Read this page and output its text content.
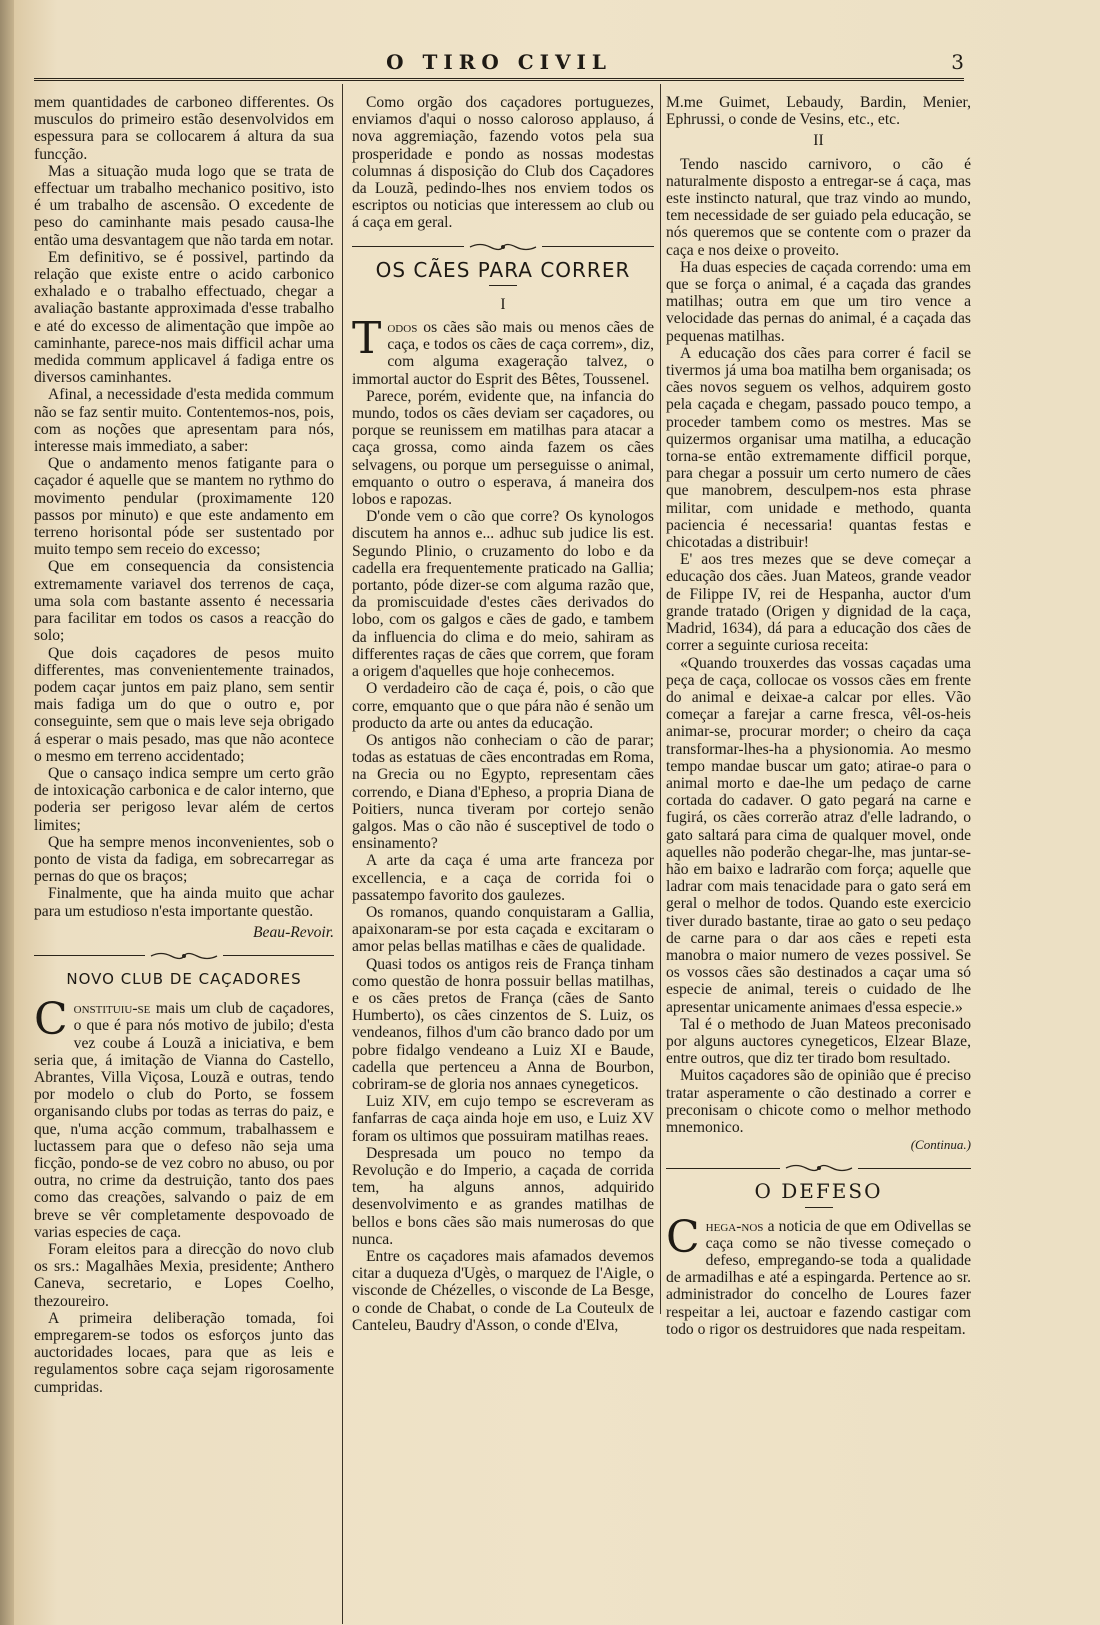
O TIRO CIVIL	3

mem quantidades de carboneo differentes. Os musculos do primeiro estão desenvolvidos em espessura para se collocarem á altura da sua funcção.

Mas a situação muda logo que se trata de effectuar um trabalho mechanico positivo, isto é um trabalho de ascensão. O excedente de peso do caminhante mais pesado causa-lhe então uma desvantagem que não tarda em notar.

Em definitivo, se é possivel, partindo da relação que existe entre o acido carbonico exhalado e o trabalho effectuado, chegar a avaliação bastante approximada d'esse trabalho e até do excesso de alimentação que impõe ao caminhante, parece-nos mais difficil achar uma medida commum applicavel á fadiga entre os diversos caminhantes.

Afinal, a necessidade d'esta medida commum não se faz sentir muito. Contentemos-nos, pois, com as noções que apresentam para nós, interesse mais immediato, a saber:

Que o andamento menos fatigante para o caçador é aquelle que se mantem no rythmo do movimento pendular (proximamente 120 passos por minuto) e que este andamento em terreno horisontal póde ser sustentado por muito tempo sem receio do excesso;

Que em consequencia da consistencia extremamente variavel dos terrenos de caça, uma sola com bastante assento é necessaria para facilitar em todos os casos a reacção do solo;

Que dois caçadores de pesos muito differentes, mas convenientemente trainados, podem caçar juntos em paiz plano, sem sentir mais fadiga um do que o outro e, por conseguinte, sem que o mais leve seja obrigado á esperar o mais pesado, mas que não acontece o mesmo em terreno accidentado;

Que o cansaço indica sempre um certo grão de intoxicação carbonica e de calor interno, que poderia ser perigoso levar além de certos limites;

Que ha sempre menos inconvenientes, sob o ponto de vista da fadiga, em sobrecarregar as pernas do que os braços;

Finalmente, que ha ainda muito que achar para um estudioso n'esta importante questão.

Beau-Revoir.
NOVO CLUB DE CAÇADORES

Constituiu-se mais um club de caçadores, o que é para nós motivo de jubilo; d'esta vez coube á Louzã a iniciativa, e bem seria que, á imitação de Vianna do Castello, Abrantes, Villa Viçosa, Louzã e outras, tendo por modelo o club do Porto, se fossem organisando clubs por todas as terras do paiz, e que, n'uma acção commum, trabalhassem e luctassem para que o defeso não seja uma ficção, pondo-se de vez cobro no abuso, ou por outra, no crime da destruição, tanto dos paes como das creações, salvando o paiz de em breve se vêr completamente despovoado de varias especies de caça.

Foram eleitos para a direcção do novo club os srs.: Magalhães Mexia, presidente; Anthero Caneva, secretario, e Lopes Coelho, thezoureiro.

A primeira deliberação tomada, foi empregarem-se todos os esforços junto das auctoridades locaes, para que as leis e regulamentos sobre caça sejam rigorosamente cumpridas.

Como orgão dos caçadores portuguezes, enviamos d'aqui o nosso caloroso applauso, á nova aggremiação, fazendo votos pela sua prosperidade e pondo as nossas modestas columnas á disposição do Club dos Caçadores da Louzã, pedindo-lhes nos enviem todos os escriptos ou noticias que interessem ao club ou á caça em geral.

OS CÃES PARA CORRER
I

Todos os cães são mais ou menos cães de caça, e todos os cães de caça correm», diz, com alguma exageração talvez, o immortal auctor do Esprit des Bêtes, Toussenel.

Parece, porém, evidente que, na infancia do mundo, todos os cães deviam ser caçadores, ou porque se reunissem em matilhas para atacar a caça grossa, como ainda fazem os cães selvagens, ou porque um perseguisse o animal, emquanto o outro o esperava, á maneira dos lobos e rapozas.

D'onde vem o cão que corre? Os kynologos discutem ha annos e... adhuc sub judice lis est. Segundo Plinio, o cruzamento do lobo e da cadella era frequentemente praticado na Gallia; portanto, póde dizer-se com alguma razão que, da promiscuidade d'estes cães derivados do lobo, com os galgos e cães de gado, e tambem da influencia do clima e do meio, sahiram as differentes raças de cães que correm, que foram a origem d'aquelles que hoje conhecemos.

O verdadeiro cão de caça é, pois, o cão que corre, emquanto que o que pára não é senão um producto da arte ou antes da educação.

Os antigos não conheciam o cão de parar; todas as estatuas de cães encontradas em Roma, na Grecia ou no Egypto, representam cães correndo, e Diana d'Epheso, a propria Diana de Poitiers, nunca tiveram por cortejo senão galgos. Mas o cão não é susceptivel de todo o ensinamento?

A arte da caça é uma arte franceza por excellencia, e a caça de corrida foi o passatempo favorito dos gaulezes.

Os romanos, quando conquistaram a Gallia, apaixonaram-se por esta caçada e excitaram o amor pelas bellas matilhas e cães de qualidade.

Quasi todos os antigos reis de França tinham como questão de honra possuir bellas matilhas, e os cães pretos de França (cães de Santo Humberto), os cães cinzentos de S. Luiz, os vendeanos, filhos d'um cão branco dado por um pobre fidalgo vendeano a Luiz XI e Baude, cadella que pertenceu a Anna de Bourbon, cobriram-se de gloria nos annaes cynegeticos.

Luiz XIV, em cujo tempo se escreveram as fanfarras de caça ainda hoje em uso, e Luiz XV foram os ultimos que possuiram matilhas reaes.

Despresada um pouco no tempo da Revolução e do Imperio, a caçada de corrida tem, ha alguns annos, adquirido desenvolvimento e as grandes matilhas de bellos e bons cães são mais numerosas do que nunca.

Entre os caçadores mais afamados devemos citar a duqueza d'Ugès, o marquez de l'Aigle, o visconde de Chézelles, o visconde de La Besge, o conde de Chabat, o conde de La Couteulx de Canteleu, Baudry d'Asson, o conde d'Elva,

M.me Guimet, Lebaudy, Bardin, Menier, Ephrussi, o conde de Vesins, etc., etc.

II

Tendo nascido carnivoro, o cão é naturalmente disposto a entregar-se á caça, mas este instincto natural, que traz vindo ao mundo, tem necessidade de ser guiado pela educação, se nós queremos que se contente com o prazer da caça e nos deixe o proveito.

Ha duas especies de caçada correndo: uma em que se força o animal, é a caçada das grandes matilhas; outra em que um tiro vence a velocidade das pernas do animal, é a caçada das pequenas matilhas.

A educação dos cães para correr é facil se tivermos já uma boa matilha bem organisada; os cães novos seguem os velhos, adquirem gosto pela caçada e chegam, passado pouco tempo, a proceder tambem como os mestres. Mas se quizermos organisar uma matilha, a educação torna-se então extremamente difficil porque, para chegar a possuir um certo numero de cães que manobrem, desculpem-nos esta phrase militar, com unidade e methodo, quanta paciencia é necessaria! quantas festas e chicotadas a distribuir!

E' aos tres mezes que se deve começar a educação dos cães. Juan Mateos, grande veador de Filippe IV, rei de Hespanha, auctor d'um grande tratado (Origen y dignidad de la caça, Madrid, 1634), dá para a educação dos cães de correr a seguinte curiosa receita:

«Quando trouxerdes das vossas caçadas uma peça de caça, collocae os vossos cães em frente do animal e deixae-a calcar por elles. Vão começar a farejar a carne fresca, vêl-os-heis animar-se, procurar morder; o cheiro da caça transformar-lhes-ha a physionomia. Ao mesmo tempo mandae buscar um gato; atirae-o para o animal morto e dae-lhe um pedaço de carne cortada do cadaver. O gato pegará na carne e fugirá, os cães correrão atraz d'elle ladrando, o gato saltará para cima de qualquer movel, onde aquelles não poderão chegar-lhe, mas juntar-se-hão em baixo e ladrarão com força; aquelle que ladrar com mais tenacidade para o gato será em geral o melhor de todos. Quando este exercicio tiver durado bastante, tirae ao gato o seu pedaço de carne para o dar aos cães e repeti esta manobra o maior numero de vezes possivel. Se os vossos cães são destinados a caçar uma só especie de animal, tereis o cuidado de lhe apresentar unicamente animaes d'essa especie.»

Tal é o methodo de Juan Mateos preconisado por alguns auctores cynegeticos, Elzear Blaze, entre outros, que diz ter tirado bom resultado.

Muitos caçadores são de opinião que é preciso tratar asperamente o cão destinado a correr e preconisam o chicote como o melhor methodo mnemonico.

(Continua.)
O DEFESO

Chega-nos a noticia de que em Odivellas se caça como se não tivesse começado o defeso, empregando-se toda a qualidade de armadilhas e até a espingarda. Pertence ao sr. administrador do concelho de Loures fazer respeitar a lei, auctoar e fazendo castigar com todo o rigor os destruidores que nada respeitam.
